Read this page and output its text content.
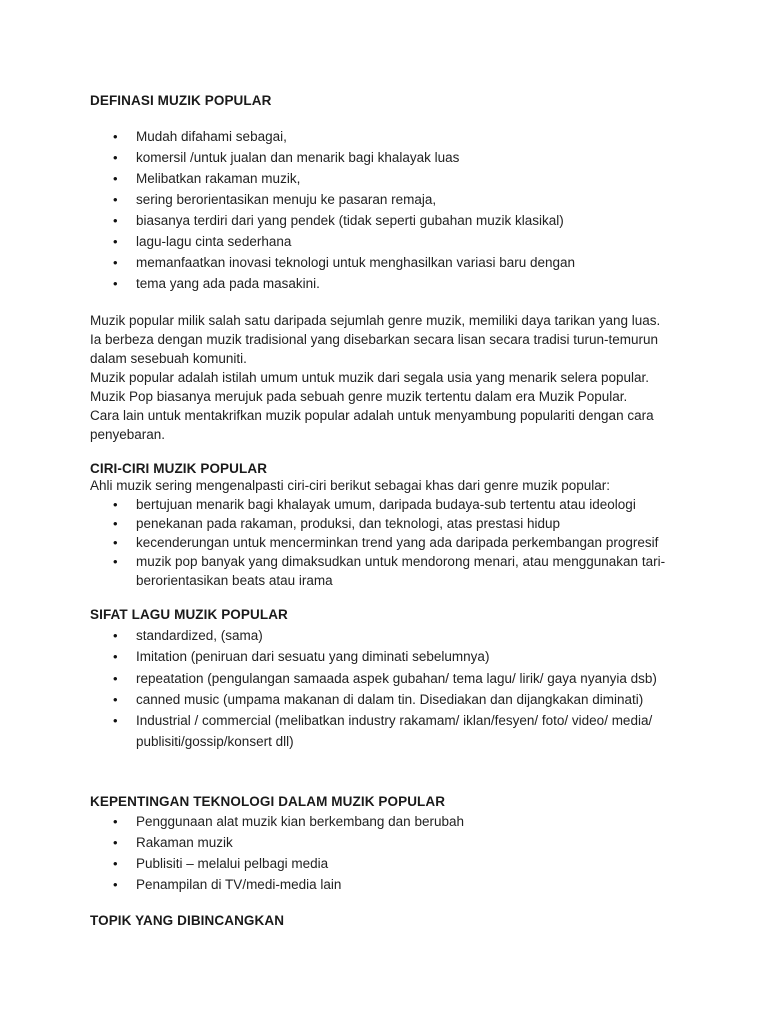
DEFINASI MUZIK POPULAR
• Mudah difahami sebagai,
• komersil /untuk jualan dan menarik bagi khalayak luas
• Melibatkan rakaman muzik,
• sering berorientasikan menuju ke pasaran remaja,
• biasanya terdiri dari yang pendek (tidak seperti gubahan muzik klasikal)
• lagu-lagu cinta sederhana
• memanfaatkan inovasi teknologi untuk menghasilkan variasi baru dengan
• tema yang ada pada masakini.

Muzik popular milik salah satu daripada sejumlah genre muzik, memiliki daya tarikan yang luas.

Ia berbeza dengan muzik tradisional yang disebarkan secara lisan secara tradisi turun-temurun

dalam sesebuah komuniti.

Muzik popular adalah istilah umum untuk muzik dari segala usia yang menarik selera popular.

Muzik Pop biasanya merujuk pada sebuah genre muzik tertentu dalam era Muzik Popular.

Cara lain untuk mentakrifkan muzik popular adalah untuk menyambung populariti dengan cara

penyebaran.

CIRI-CIRI MUZIK POPULAR

Ahli muzik sering mengenalpasti ciri-ciri berikut sebagai khas dari genre muzik popular:

• bertujuan menarik bagi khalayak umum, daripada budaya-sub tertentu atau ideologi
• penekanan pada rakaman, produksi, dan teknologi, atas prestasi hidup
• kecenderungan untuk mencerminkan trend yang ada daripada perkembangan progresif
• muzik pop banyak yang dimaksudkan untuk mendorong menari, atau menggunakan tari-
berorientasikan beats atau irama
SIFAT LAGU MUZIK POPULAR
• standardized, (sama)
• Imitation (peniruan dari sesuatu yang diminati sebelumnya)
• repeatation (pengulangan samaada aspek gubahan/ tema lagu/ lirik/ gaya nyanyia dsb)
• canned music (umpama makanan di dalam tin. Disediakan dan dijangkakan diminati)
• Industrial / commercial (melibatkan industry rakamam/ iklan/fesyen/ foto/ video/ media/
publisiti/gossip/konsert dll)
KEPENTINGAN TEKNOLOGI DALAM MUZIK POPULAR
• Penggunaan alat muzik kian berkembang dan berubah
• Rakaman muzik
• Publisiti – melalui pelbagi media
• Penampilan di TV/medi-media lain
TOPIK YANG DIBINCANGKAN
